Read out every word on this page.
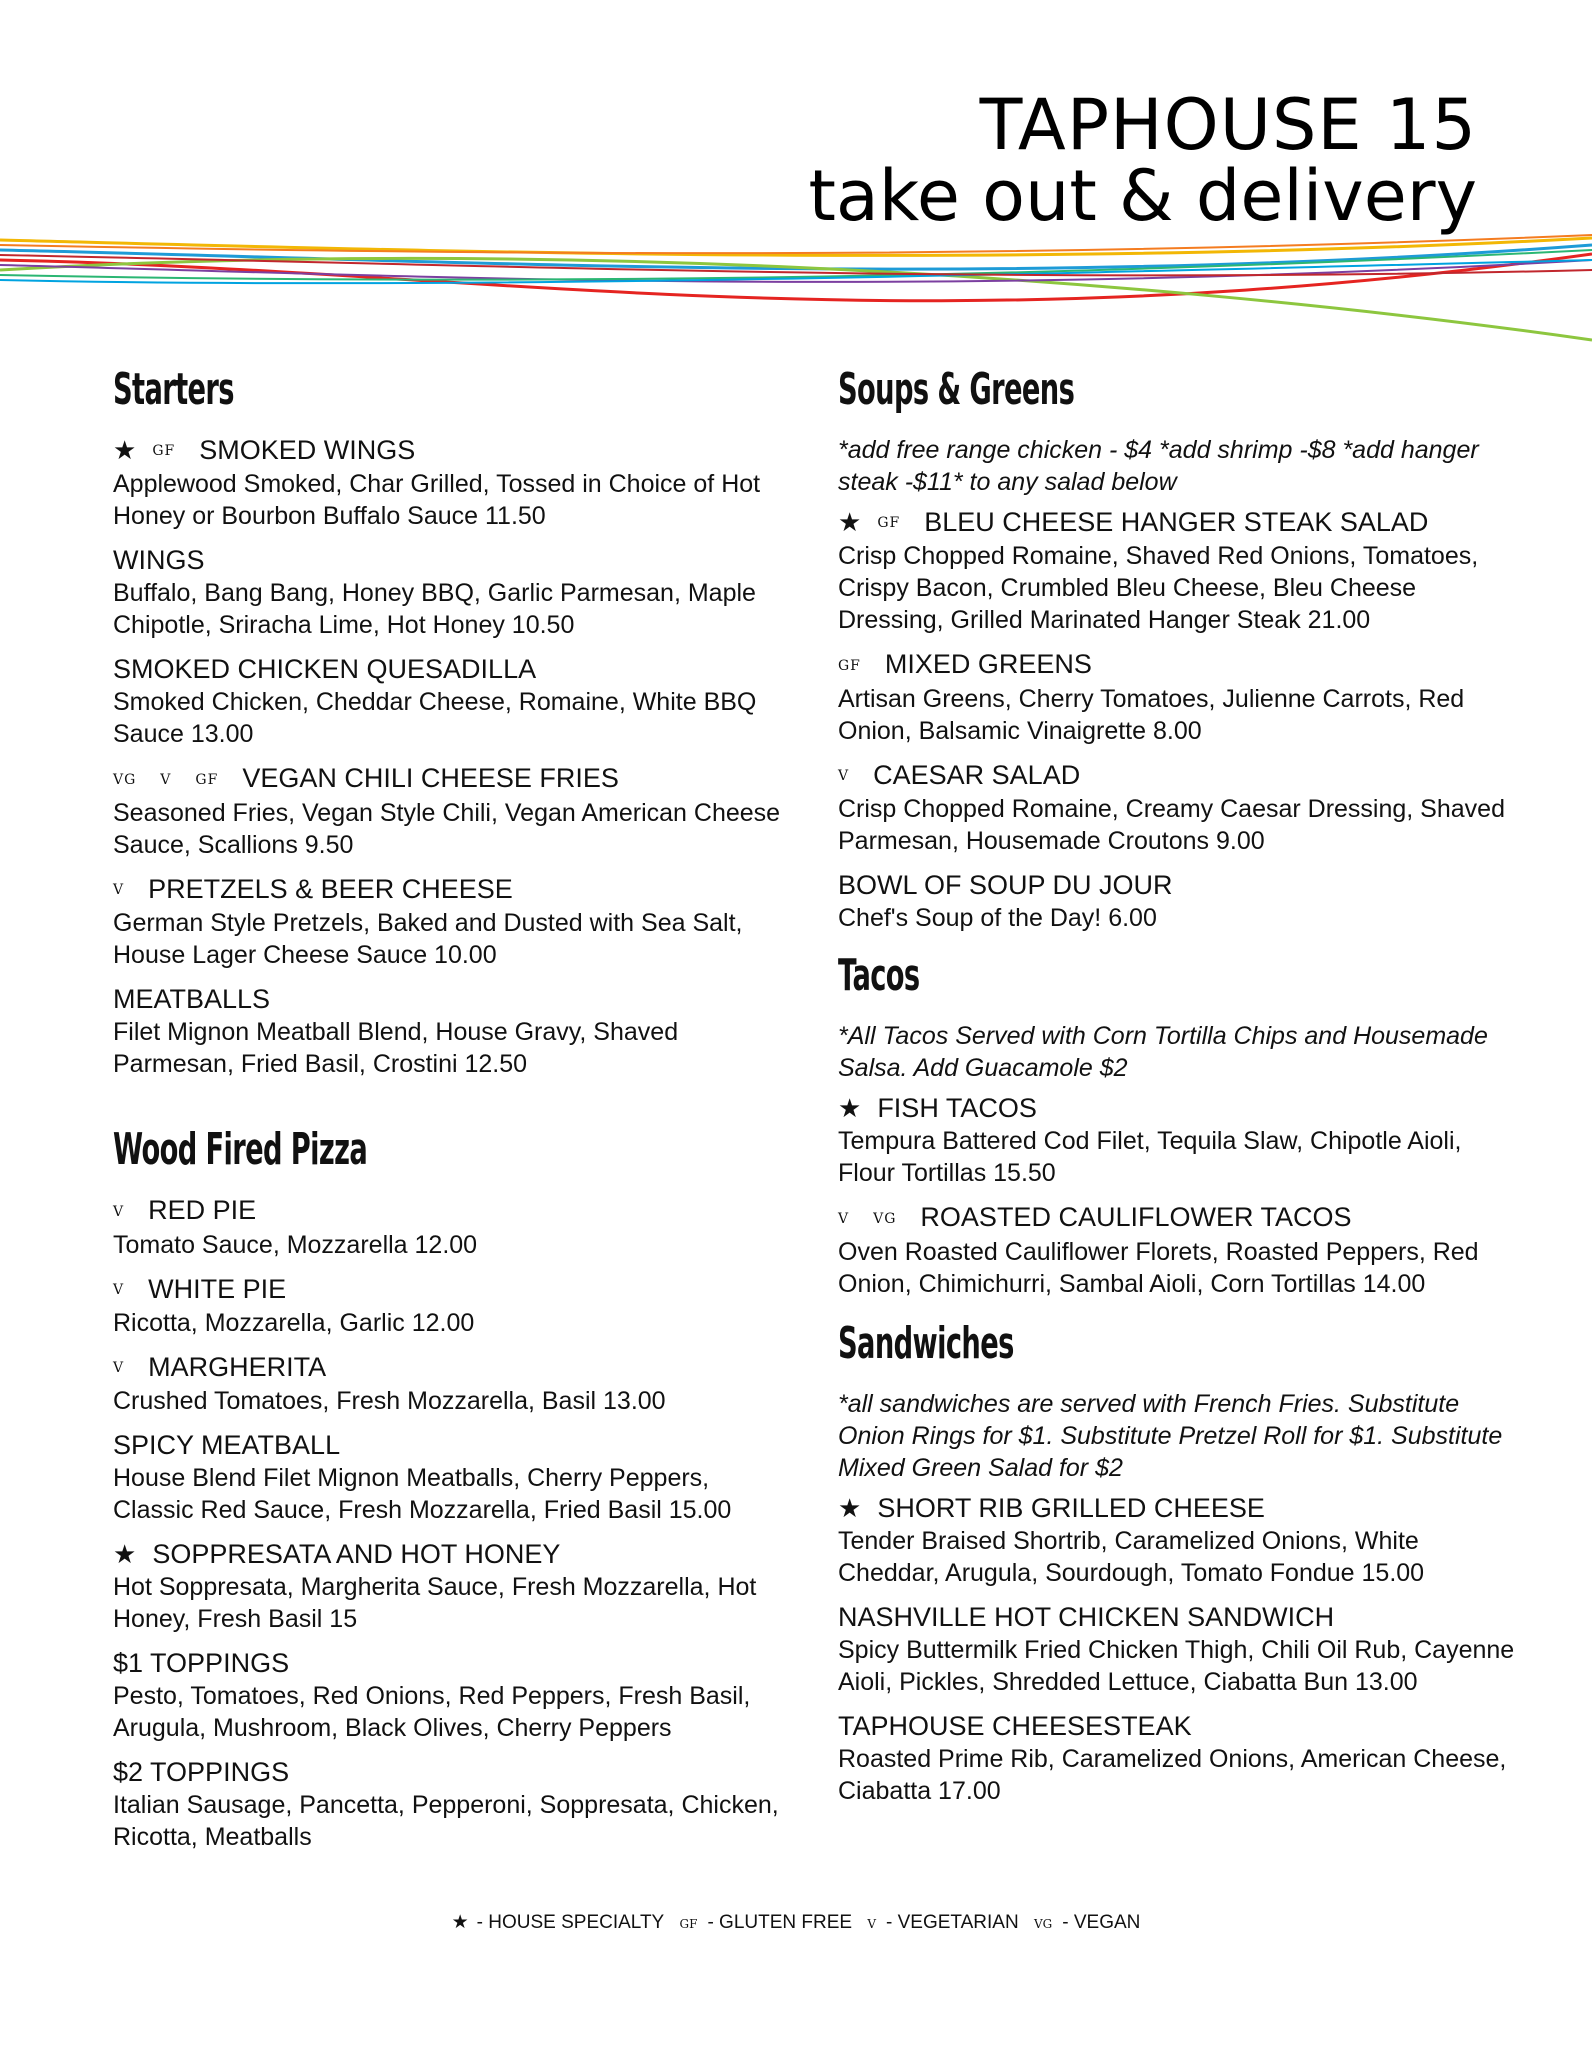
TAPHOUSE 15
take out & delivery
Starters
★ GF SMOKED WINGS
Applewood Smoked, Char Grilled, Tossed in Choice of Hot Honey or Bourbon Buffalo Sauce 11.50
WINGS
Buffalo, Bang Bang, Honey BBQ, Garlic Parmesan, Maple Chipotle, Sriracha Lime, Hot Honey 10.50
SMOKED CHICKEN QUESADILLA
Smoked Chicken, Cheddar Cheese, Romaine, White BBQ Sauce 13.00
VG V GF VEGAN CHILI CHEESE FRIES
Seasoned Fries, Vegan Style Chili, Vegan American Cheese Sauce, Scallions 9.50
V PRETZELS & BEER CHEESE
German Style Pretzels, Baked and Dusted with Sea Salt, House Lager Cheese Sauce 10.00
MEATBALLS
Filet Mignon Meatball Blend, House Gravy, Shaved Parmesan, Fried Basil, Crostini 12.50
Wood Fired Pizza
V RED PIE
Tomato Sauce, Mozzarella 12.00
V WHITE PIE
Ricotta, Mozzarella, Garlic 12.00
V MARGHERITA
Crushed Tomatoes, Fresh Mozzarella, Basil 13.00
SPICY MEATBALL
House Blend Filet Mignon Meatballs, Cherry Peppers, Classic Red Sauce, Fresh Mozzarella, Fried Basil 15.00
★ SOPPRESATA AND HOT HONEY
Hot Soppresata, Margherita Sauce, Fresh Mozzarella, Hot Honey, Fresh Basil 15
$1 TOPPINGS
Pesto, Tomatoes, Red Onions, Red Peppers, Fresh Basil, Arugula, Mushroom, Black Olives, Cherry Peppers
$2 TOPPINGS
Italian Sausage, Pancetta, Pepperoni, Soppresata, Chicken, Ricotta, Meatballs
Soups & Greens
*add free range chicken - $4 *add shrimp -$8 *add hanger steak -$11* to any salad below
★ GF BLEU CHEESE HANGER STEAK SALAD
Crisp Chopped Romaine, Shaved Red Onions, Tomatoes, Crispy Bacon, Crumbled Bleu Cheese, Bleu Cheese Dressing, Grilled Marinated Hanger Steak 21.00
GF MIXED GREENS
Artisan Greens, Cherry Tomatoes, Julienne Carrots, Red Onion, Balsamic Vinaigrette 8.00
V CAESAR SALAD
Crisp Chopped Romaine, Creamy Caesar Dressing, Shaved Parmesan, Housemade Croutons 9.00
BOWL OF SOUP DU JOUR
Chef's Soup of the Day! 6.00
Tacos
*All Tacos Served with Corn Tortilla Chips and Housemade Salsa. Add Guacamole $2
★ FISH TACOS
Tempura Battered Cod Filet, Tequila Slaw, Chipotle Aioli, Flour Tortillas 15.50
V VG ROASTED CAULIFLOWER TACOS
Oven Roasted Cauliflower Florets, Roasted Peppers, Red Onion, Chimichurri, Sambal Aioli, Corn Tortillas 14.00
Sandwiches
*all sandwiches are served with French Fries. Substitute Onion Rings for $1. Substitute Pretzel Roll for $1. Substitute Mixed Green Salad for $2
★ SHORT RIB GRILLED CHEESE
Tender Braised Shortrib, Caramelized Onions, White Cheddar, Arugula, Sourdough, Tomato Fondue 15.00
NASHVILLE HOT CHICKEN SANDWICH
Spicy Buttermilk Fried Chicken Thigh, Chili Oil Rub, Cayenne Aioli, Pickles, Shredded Lettuce, Ciabatta Bun 13.00
TAPHOUSE CHEESESTEAK
Roasted Prime Rib, Caramelized Onions, American Cheese, Ciabatta 17.00
★ - HOUSE SPECIALTY GF - GLUTEN FREE V - VEGETARIAN VG - VEGAN
